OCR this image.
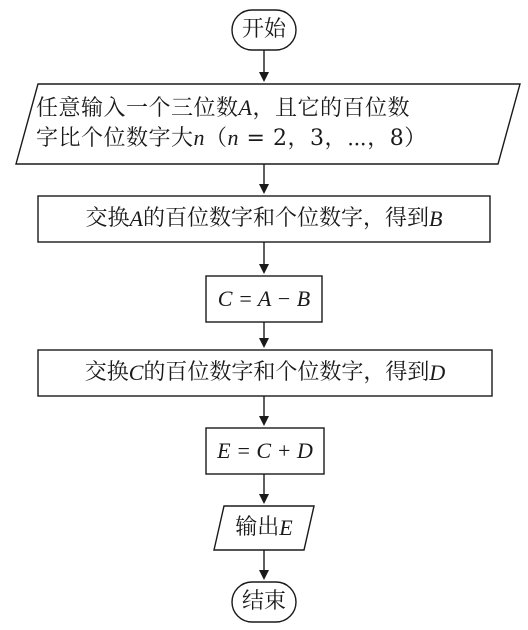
开始
任意输入一个三位数A，且它的百位数
字比个位数字大n（n = 2，3，⋯，8）
交换 A 的百位数字和个位数字，得到 B
C = A − B
交换 C 的百位数字和个位数字，得到 D
E = C + D
输出 E
结束
